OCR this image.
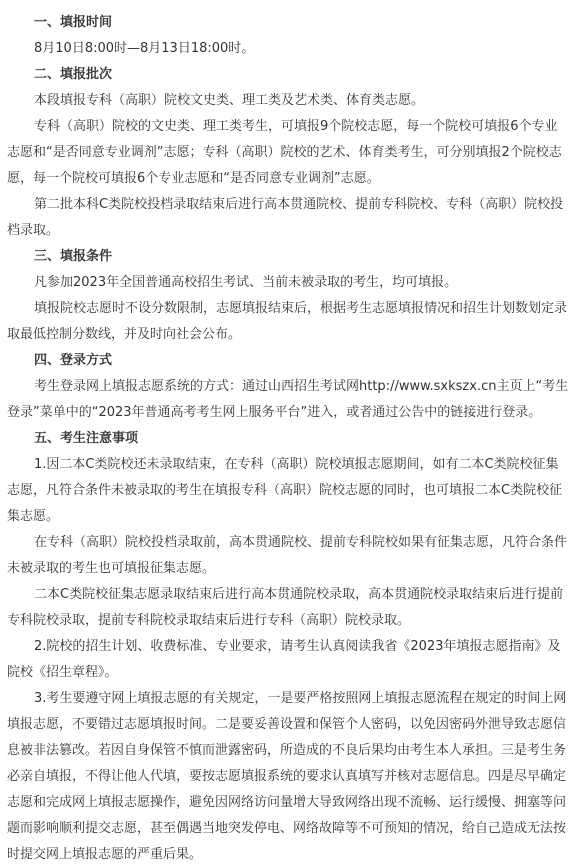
一、填报时间

8月10日8:00时—8月13日18:00时。

二、填报批次

本段填报专科（高职）院校文史类、理工类及艺术类、体育类志愿。

专科（高职）院校的文史类、理工类考生，可填报9个院校志愿，每一个院校可填报6个专业志愿和“是否同意专业调剂”志愿；专科（高职）院校的艺术、体育类考生，可分别填报2个院校志愿，每一个院校可填报6个专业志愿和“是否同意专业调剂”志愿。

第二批本科C类院校投档录取结束后进行高本贯通院校、提前专科院校、专科（高职）院校投档录取。

三、填报条件

凡参加2023年全国普通高校招生考试、当前未被录取的考生，均可填报。

填报院校志愿时不设分数限制，志愿填报结束后，根据考生志愿填报情况和招生计划数划定录取最低控制分数线，并及时向社会公布。

四、登录方式

考生登录网上填报志愿系统的方式：通过山西招生考试网http://www.sxkszx.cn主页上“考生登录”菜单中的“2023年普通高考考生网上服务平台”进入，或者通过公告中的链接进行登录。

五、考生注意事项

1.因二本C类院校还未录取结束，在专科（高职）院校填报志愿期间，如有二本C类院校征集志愿，凡符合条件未被录取的考生在填报专科（高职）院校志愿的同时，也可填报二本C类院校征集志愿。

在专科（高职）院校投档录取前，高本贯通院校、提前专科院校如果有征集志愿，凡符合条件未被录取的考生也可填报征集志愿。

二本C类院校征集志愿录取结束后进行高本贯通院校录取，高本贯通院校录取结束后进行提前专科院校录取，提前专科院校录取结束后进行专科（高职）院校录取。

2.院校的招生计划、收费标准、专业要求，请考生认真阅读我省《2023年填报志愿指南》及院校《招生章程》。

3.考生要遵守网上填报志愿的有关规定，一是要严格按照网上填报志愿流程在规定的时间上网填报志愿，不要错过志愿填报时间。二是要妥善设置和保管个人密码，以免因密码外泄导致志愿信息被非法篡改。若因自身保管不慎而泄露密码，所造成的不良后果均由考生本人承担。三是考生务必亲自填报，不得让他人代填，要按志愿填报系统的要求认真填写并核对志愿信息。四是尽早确定志愿和完成网上填报志愿操作，避免因网络访问量增大导致网络出现不流畅、运行缓慢、拥塞等问题而影响顺利提交志愿，甚至偶遇当地突发停电、网络故障等不可预知的情况，给自己造成无法按时提交网上填报志愿的严重后果。
